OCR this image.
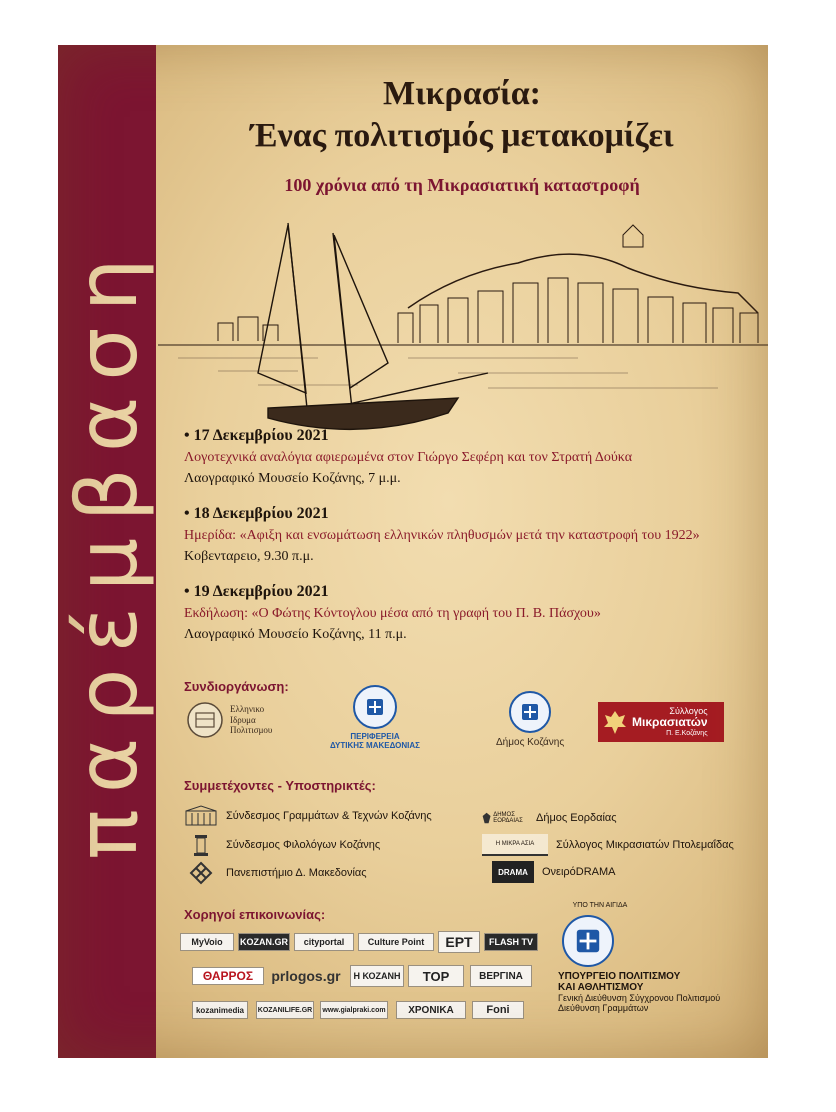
παρέμβαση
Μικρασία:
Ένας πολιτισμός μετακομίζει
100 χρόνια από τη Μικρασιατική καταστροφή
• 17 Δεκεμβρίου 2021
Λογοτεχνικά αναλόγια αφιερωμένα στον Γιώργο Σεφέρη και τον Στρατή Δούκα
Λαογραφικό Μουσείο Κοζάνης, 7 μ.μ.
• 18 Δεκεμβρίου 2021
Ημερίδα: «Αφιξη και ενσωμάτωση ελληνικών πληθυσμών μετά την καταστροφή του 1922»
Κοβενταρειο, 9.30 π.μ.
• 19 Δεκεμβρίου 2021
Εκδήλωση: «Ο Φώτης Κόντογλου μέσα από τη γραφή του Π. Β. Πάσχου»
Λαογραφικό Μουσείο Κοζάνης, 11 π.μ.
Συνδιοργάνωση:
Ελληνικο
Ιδρυμα
Πολιτισμου
ΠΕΡΙΦΕΡΕΙΑ
ΔΥΤΙΚΗΣ ΜΑΚΕΔΟΝΙΑΣ	Δήμος Κοζάνης
Σύλλογος
Μικρασιατών
Π. Ε.Κοζάνης
Συμμετέχοντες - Υποστηρικτές:
Σύνδεσμος Γραμμάτων & Τεχνών Κοζάνης
Σύνδεσμος Φιλολόγων Κοζάνης
Πανεπιστήμιο Δ. Μακεδονίας
ΔΗΜΟΣ ΕΟΡΔΑΙΑΣ	Δήμος Εορδαίας
Η ΜΙΚΡΑ ΑΣΙΑ	Σύλλογος Μικρασιατών Πτολεμαΐδας
DRAMA	ΟνειρόDRAMA
Χορηγοί επικοινωνίας:
MyVoio	KOZAN.GR	cityportal	Culture Point	ΕΡΤ	FLASH TV
ΘΑΡΡΟΣ	prlogos.gr	Η ΚΟΖΑΝΗ	ΤΟΡ	ΒΕΡΓΙΝΑ
kozanimedia	KOZANILIFE.GR	www.gialpraki.com	ΧΡΟΝΙΚΑ	Foni
ΥΠΟ ΤΗΝ ΑΙΓΙΔΑ
ΥΠΟΥΡΓΕΙΟ ΠΟΛΙΤΙΣΜΟΥ
ΚΑΙ ΑΘΛΗΤΙΣΜΟΥ
Γενική Διεύθυνση Σύγχρονου Πολιτισμού
Διεύθυνση Γραμμάτων
